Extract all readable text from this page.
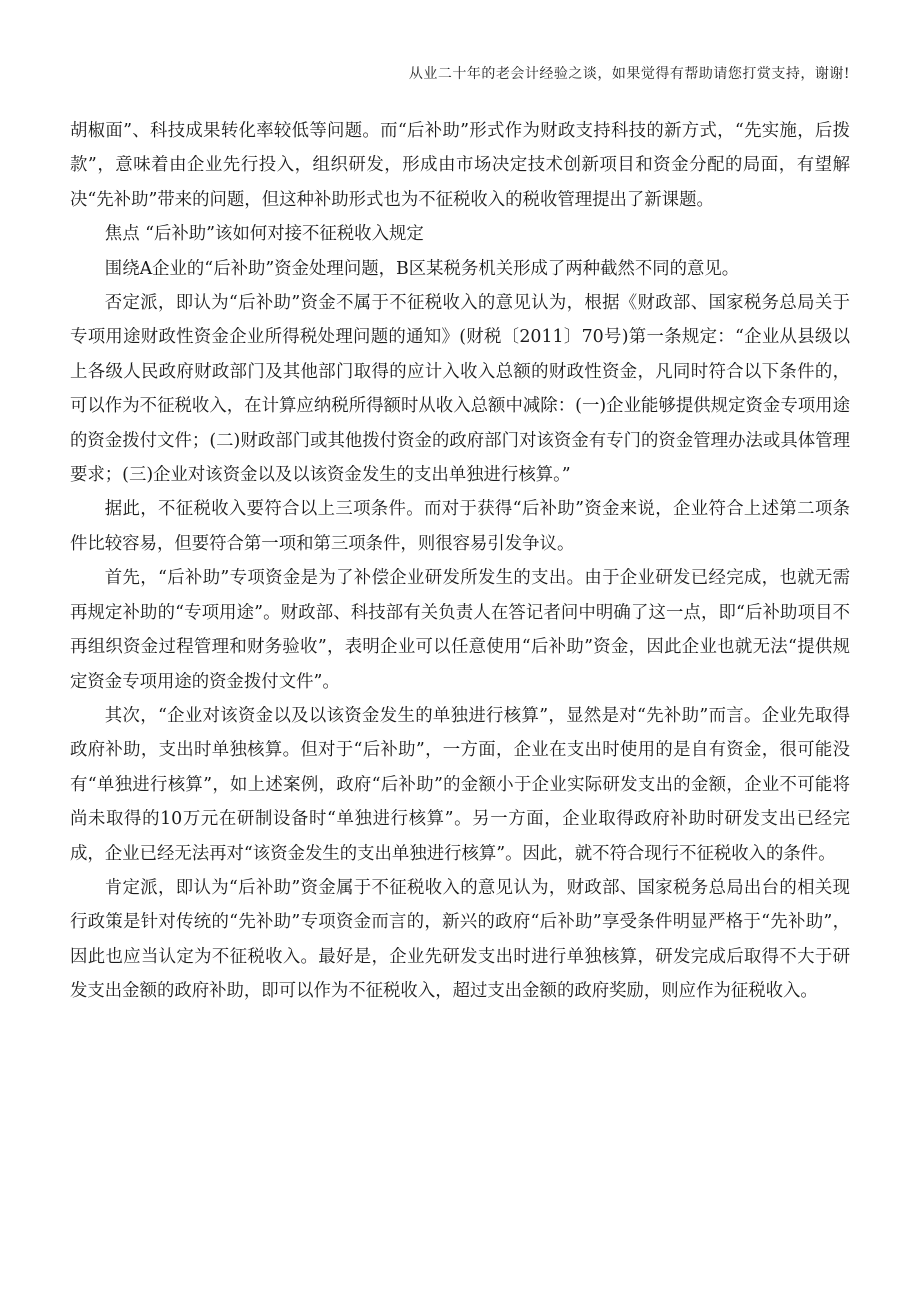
从业二十年的老会计经验之谈，如果觉得有帮助请您打赏支持，谢谢!

胡椒面”、科技成果转化率较低等问题。而“后补助”形式作为财政支持科技的新方式，“先实施，后拨款”，意味着由企业先行投入，组织研发，形成由市场决定技术创新项目和资金分配的局面，有望解决“先补助”带来的问题，但这种补助形式也为不征税收入的税收管理提出了新课题。

焦点 “后补助”该如何对接不征税收入规定

围绕A企业的“后补助”资金处理问题，B区某税务机关形成了两种截然不同的意见。

否定派，即认为“后补助”资金不属于不征税收入的意见认为，根据《财政部、国家税务总局关于专项用途财政性资金企业所得税处理问题的通知》(财税〔2011〕70号)第一条规定：“企业从县级以上各级人民政府财政部门及其他部门取得的应计入收入总额的财政性资金，凡同时符合以下条件的，可以作为不征税收入，在计算应纳税所得额时从收入总额中减除：(一)企业能够提供规定资金专项用途的资金拨付文件；(二)财政部门或其他拨付资金的政府部门对该资金有专门的资金管理办法或具体管理要求；(三)企业对该资金以及以该资金发生的支出单独进行核算。”

据此，不征税收入要符合以上三项条件。而对于获得“后补助”资金来说，企业符合上述第二项条件比较容易，但要符合第一项和第三项条件，则很容易引发争议。

首先，“后补助”专项资金是为了补偿企业研发所发生的支出。由于企业研发已经完成，也就无需再规定补助的“专项用途”。财政部、科技部有关负责人在答记者问中明确了这一点，即“后补助项目不再组织资金过程管理和财务验收”，表明企业可以任意使用“后补助”资金，因此企业也就无法“提供规定资金专项用途的资金拨付文件”。

其次，“企业对该资金以及以该资金发生的单独进行核算”，显然是对“先补助”而言。企业先取得政府补助，支出时单独核算。但对于“后补助”，一方面，企业在支出时使用的是自有资金，很可能没有“单独进行核算”，如上述案例，政府“后补助”的金额小于企业实际研发支出的金额，企业不可能将尚未取得的10万元在研制设备时“单独进行核算”。另一方面，企业取得政府补助时研发支出已经完成，企业已经无法再对“该资金发生的支出单独进行核算”。因此，就不符合现行不征税收入的条件。

肯定派，即认为“后补助”资金属于不征税收入的意见认为，财政部、国家税务总局出台的相关现行政策是针对传统的“先补助”专项资金而言的，新兴的政府“后补助”享受条件明显严格于“先补助”，因此也应当认定为不征税收入。最好是，企业先研发支出时进行单独核算，研发完成后取得不大于研发支出金额的政府补助，即可以作为不征税收入，超过支出金额的政府奖励，则应作为征税收入。
